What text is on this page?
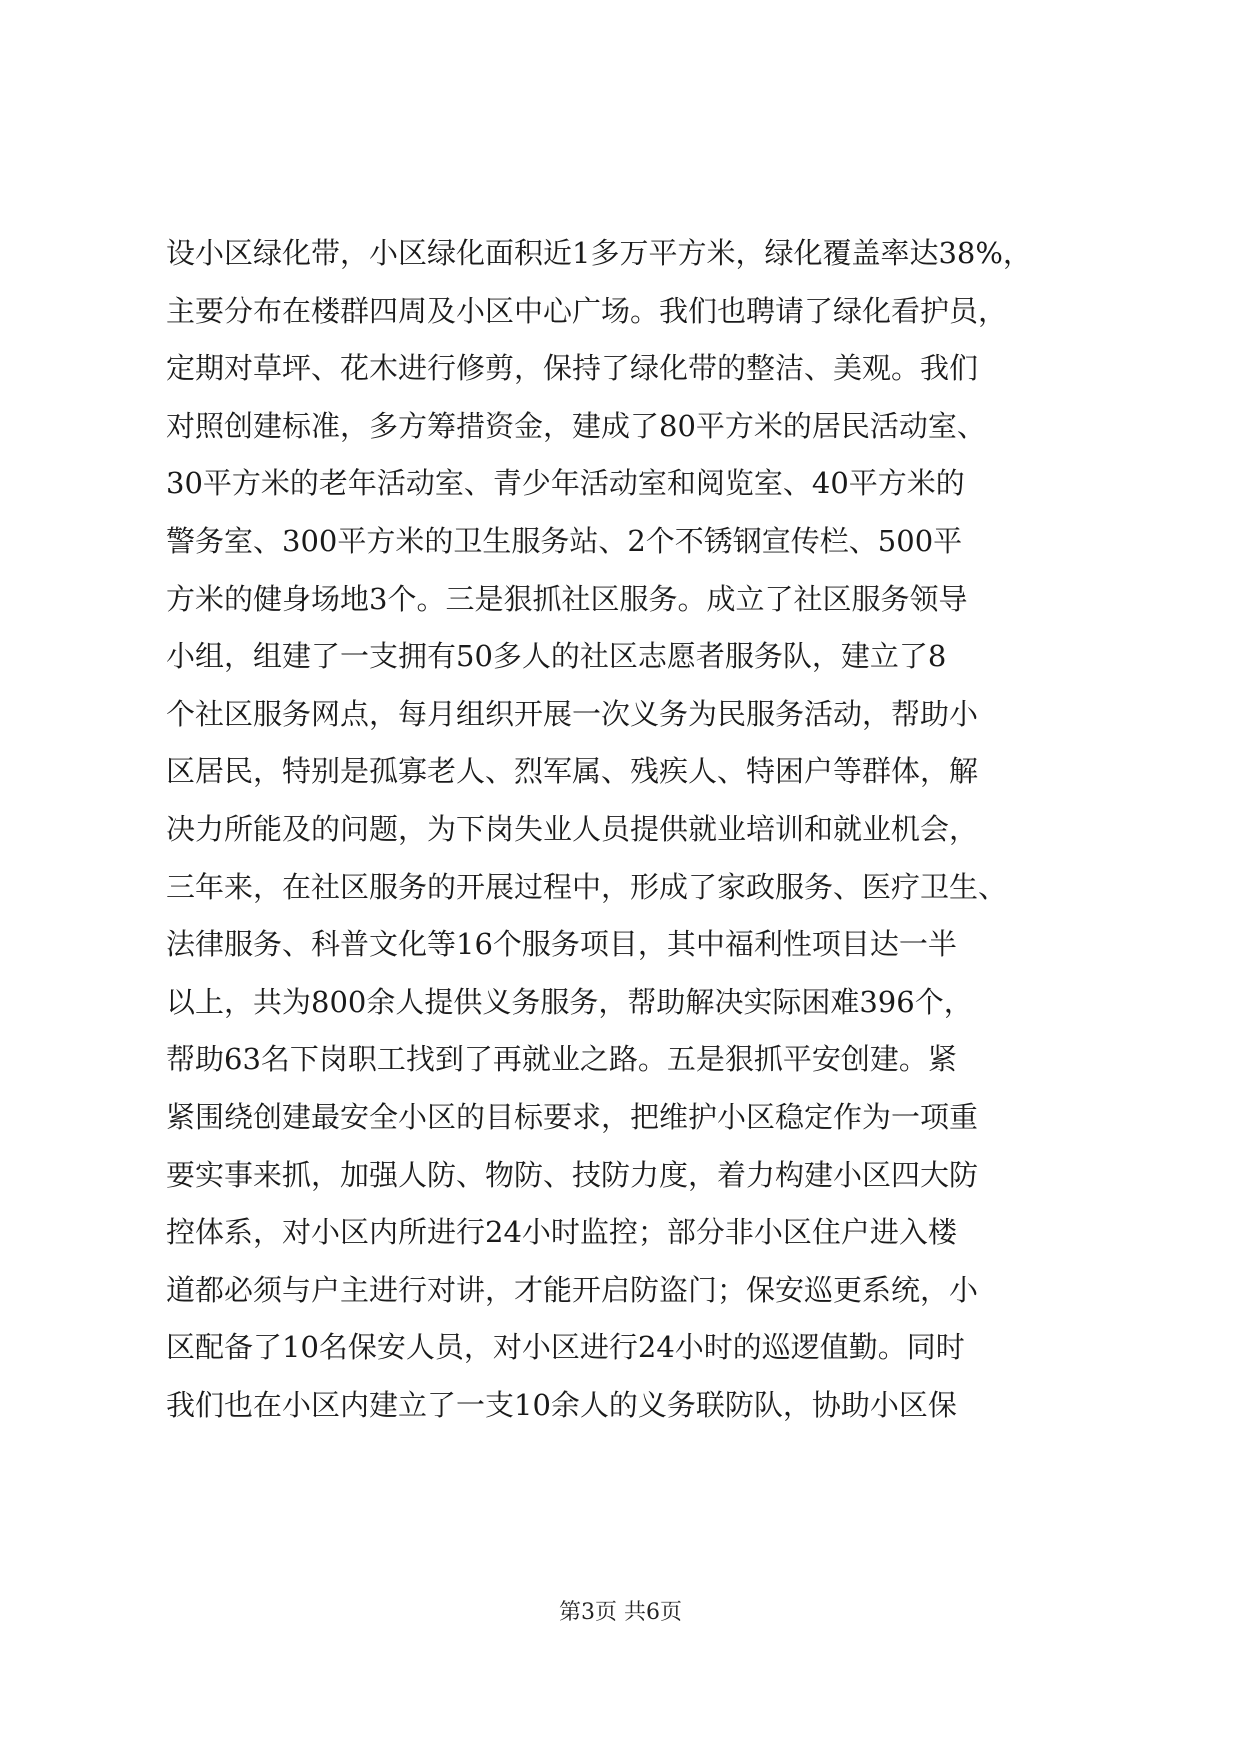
设小区绿化带，小区绿化面积近1多万平方米，绿化覆盖率达38%，
主要分布在楼群四周及小区中心广场。我们也聘请了绿化看护员，
定期对草坪、花木进行修剪，保持了绿化带的整洁、美观。我们
对照创建标准，多方筹措资金，建成了80平方米的居民活动室、
30平方米的老年活动室、青少年活动室和阅览室、40平方米的
警务室、300平方米的卫生服务站、2个不锈钢宣传栏、500平
方米的健身场地3个。三是狠抓社区服务。成立了社区服务领导
小组，组建了一支拥有50多人的社区志愿者服务队，建立了8
个社区服务网点，每月组织开展一次义务为民服务活动，帮助小
区居民，特别是孤寡老人、烈军属、残疾人、特困户等群体，解
决力所能及的问题，为下岗失业人员提供就业培训和就业机会，
三年来，在社区服务的开展过程中，形成了家政服务、医疗卫生、
法律服务、科普文化等16个服务项目，其中福利性项目达一半
以上，共为800余人提供义务服务，帮助解决实际困难396个，
帮助63名下岗职工找到了再就业之路。五是狠抓平安创建。紧
紧围绕创建最安全小区的目标要求，把维护小区稳定作为一项重
要实事来抓，加强人防、物防、技防力度，着力构建小区四大防
控体系，对小区内所进行24小时监控；部分非小区住户进入楼
道都必须与户主进行对讲，才能开启防盗门；保安巡更系统，小
区配备了10名保安人员，对小区进行24小时的巡逻值勤。同时
我们也在小区内建立了一支10余人的义务联防队，协助小区保
第3页 共6页
